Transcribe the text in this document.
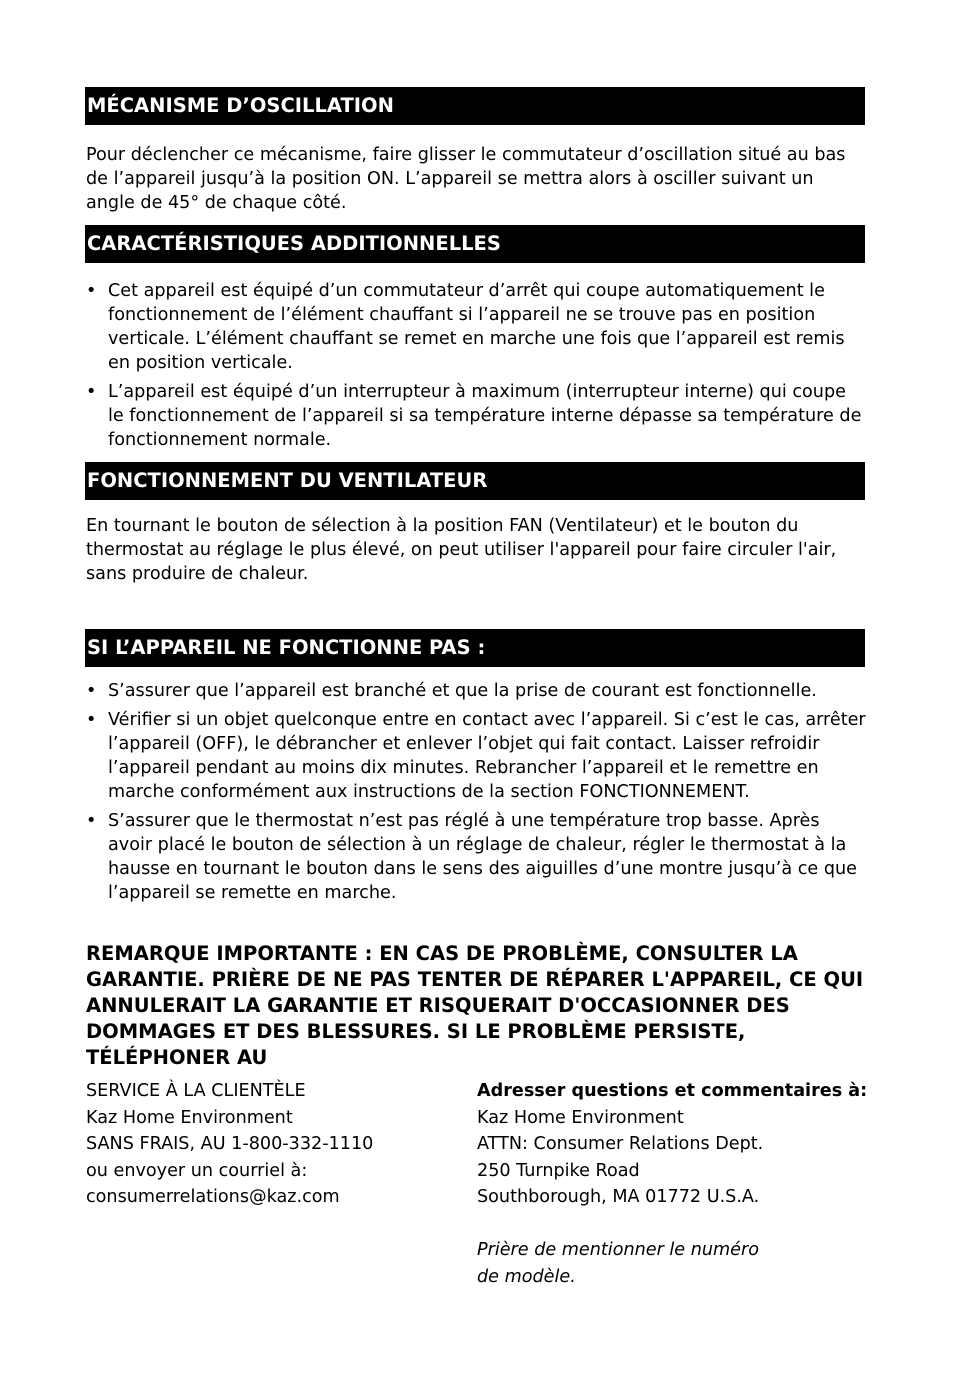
MÉCANISME D’OSCILLATION

Pour déclencher ce mécanisme, faire glisser le commutateur d’oscillation situé au bas de l’appareil jusqu’à la position ON. L’appareil se mettra alors à osciller suivant un angle de 45° de chaque côté.

CARACTÉRISTIQUES ADDITIONNELLES
• Cet appareil est équipé d’un commutateur d’arrêt qui coupe automatiquement le fonctionnement de l’élément chauffant si l’appareil ne se trouve pas en position verticale. L’élément chauffant se remet en marche une fois que l’appareil est remis en position verticale.
• L’appareil est équipé d’un interrupteur à maximum (interrupteur interne) qui coupe le fonctionnement de l’appareil si sa température interne dépasse sa température de fonctionnement normale.
FONCTIONNEMENT DU VENTILATEUR

En tournant le bouton de sélection à la position FAN (Ventilateur) et le bouton du thermostat au réglage le plus élevé, on peut utiliser l'appareil pour faire circuler l'air, sans produire de chaleur.

SI L’APPAREIL NE FONCTIONNE PAS :
• S’assurer que l’appareil est branché et que la prise de courant est fonctionnelle.
• Vérifier si un objet quelconque entre en contact avec l’appareil. Si c’est le cas, arrêter l’appareil (OFF), le débrancher et enlever l’objet qui fait contact. Laisser refroidir l’appareil pendant au moins dix minutes. Rebrancher l’appareil et le remettre en marche conformément aux instructions de la section FONCTIONNEMENT.
• S’assurer que le thermostat n’est pas réglé à une température trop basse. Après avoir placé le bouton de sélection à un réglage de chaleur, régler le thermostat à la hausse en tournant le bouton dans le sens des aiguilles d’une montre jusqu’à ce que l’appareil se remette en marche.

REMARQUE IMPORTANTE : EN CAS DE PROBLÈME, CONSULTER LA GARANTIE. PRIÈRE DE NE PAS TENTER DE RÉPARER L'APPAREIL, CE QUI ANNULERAIT LA GARANTIE ET RISQUERAIT D'OCCASIONNER DES DOMMAGES ET DES BLESSURES. SI LE PROBLÈME PERSISTE, TÉLÉPHONER AU

SERVICE À LA CLIENTÈLE
Kaz Home Environment
SANS FRAIS, AU 1-800-332-1110
ou envoyer un courriel à:
consumerrelations@kaz.com
Adresser questions et commentaires à:
Kaz Home Environment
ATTN: Consumer Relations Dept.
250 Turnpike Road
Southborough, MA 01772 U.S.A.
Prière de mentionner le numéro
de modèle.
